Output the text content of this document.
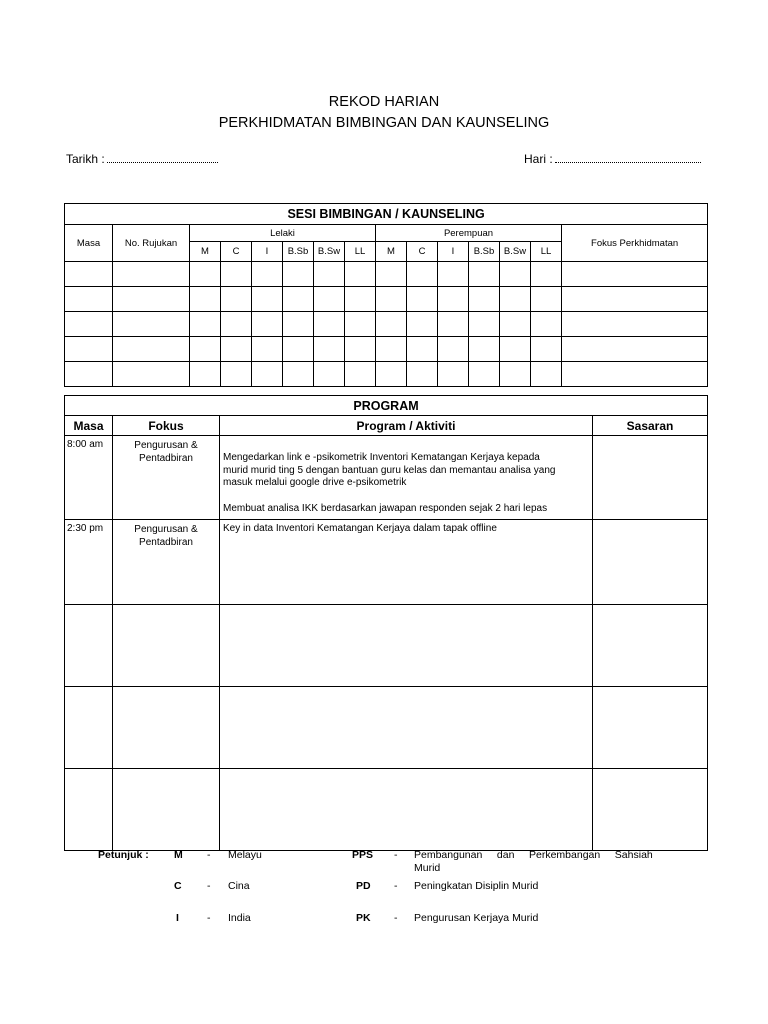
REKOD HARIAN
PERKHIDMATAN BIMBINGAN DAN KAUNSELING
Tarikh :	Hari :
SESI BIMBINGAN / KAUNSELING														
Masa	No. Rujukan	Lelaki						Perempuan						Fokus Perkhidmatan
		M	C	I	B.Sb	B.Sw	LL	M	C	I	B.Sb	B.Sw	LL	

PROGRAM			
Masa	Fokus	Program / Aktiviti	Sasaran
8:00 am	Pengurusan &
Pentadbiran	Mengedarkan link e -psikometrik Inventori Kematangan Kerjaya kepada
murid murid ting 5 dengan bantuan guru kelas dan memantau analisa yang
masuk melalui google drive e-psikometrik
Membuat analisa IKK berdasarkan jawapan responden sejak 2 hari lepas	

2:30 pm	Pengurusan &
Pentadbiran	Key in data Inventori Kematangan Kerjaya dalam tapak offline	

Petunjuk : M - Melayu
C - Cina
I	- India
PPS - Pembangunan     dan     Perkembangan     Sahsiah
Murid
PD - Peningkatan Disiplin Murid
PK - Pengurusan Kerjaya Murid
